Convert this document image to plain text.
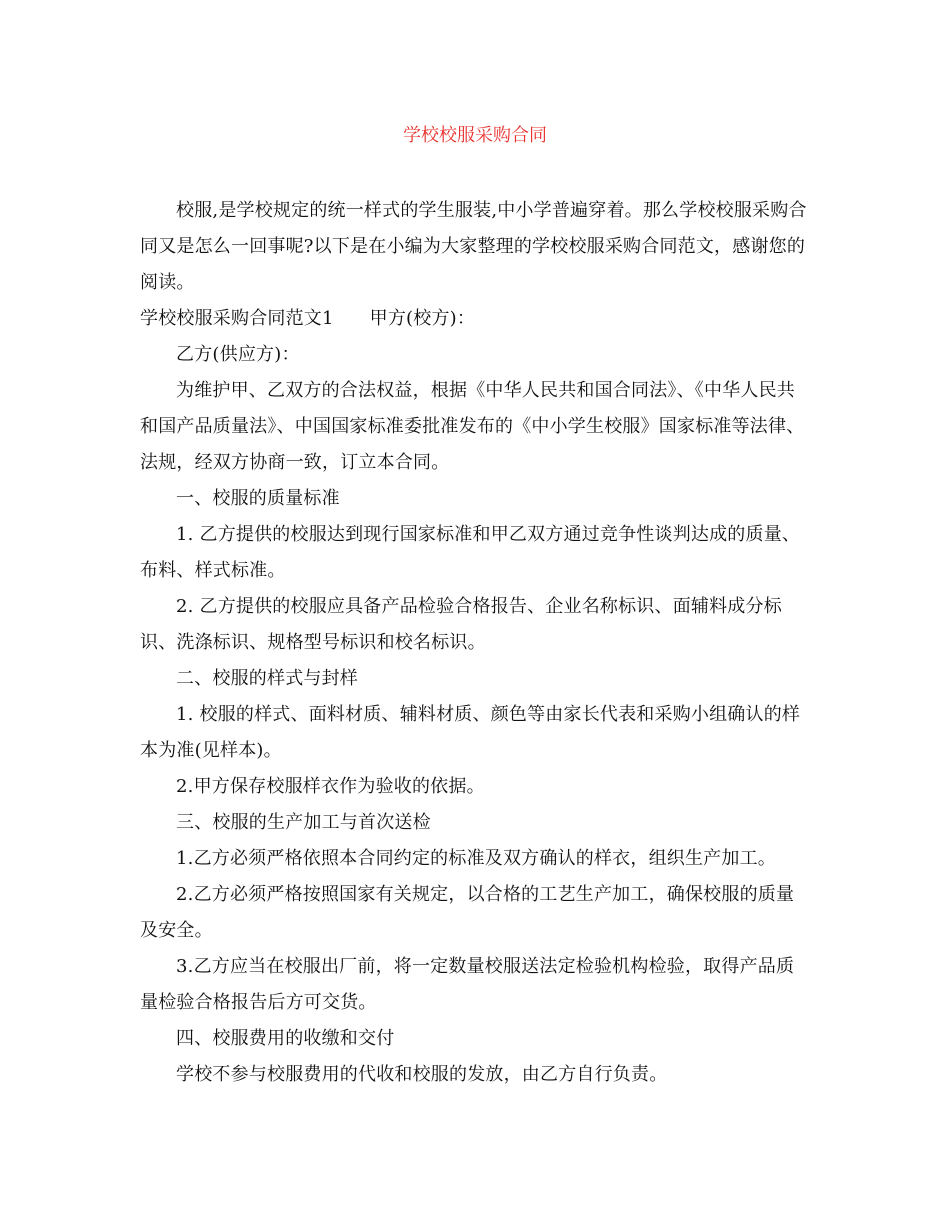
学校校服采购合同

校服,是学校规定的统一样式的学生服装,中小学普遍穿着。那么学校校服采购合同又是怎么一回事呢?以下是在小编为大家整理的学校校服采购合同范文，感谢您的阅读。

学校校服采购合同范文1 甲方(校方)：

乙方(供应方)：

为维护甲、乙双方的合法权益，根据《中华人民共和国合同法》、《中华人民共和国产品质量法》、中国国家标准委批准发布的《中小学生校服》国家标准等法律、法规，经双方协商一致，订立本合同。

一、校服的质量标准

1. 乙方提供的校服达到现行国家标准和甲乙双方通过竞争性谈判达成的质量、布料、样式标准。

2. 乙方提供的校服应具备产品检验合格报告、企业名称标识、面辅料成分标识、洗涤标识、规格型号标识和校名标识。

二、校服的样式与封样

1. 校服的样式、面料材质、辅料材质、颜色等由家长代表和采购小组确认的样本为准(见样本)。

2.甲方保存校服样衣作为验收的依据。

三、校服的生产加工与首次送检

1.乙方必须严格依照本合同约定的标准及双方确认的样衣，组织生产加工。

2.乙方必须严格按照国家有关规定，以合格的工艺生产加工，确保校服的质量及安全。

3.乙方应当在校服出厂前，将一定数量校服送法定检验机构检验，取得产品质量检验合格报告后方可交货。

四、校服费用的收缴和交付

学校不参与校服费用的代收和校服的发放，由乙方自行负责。
